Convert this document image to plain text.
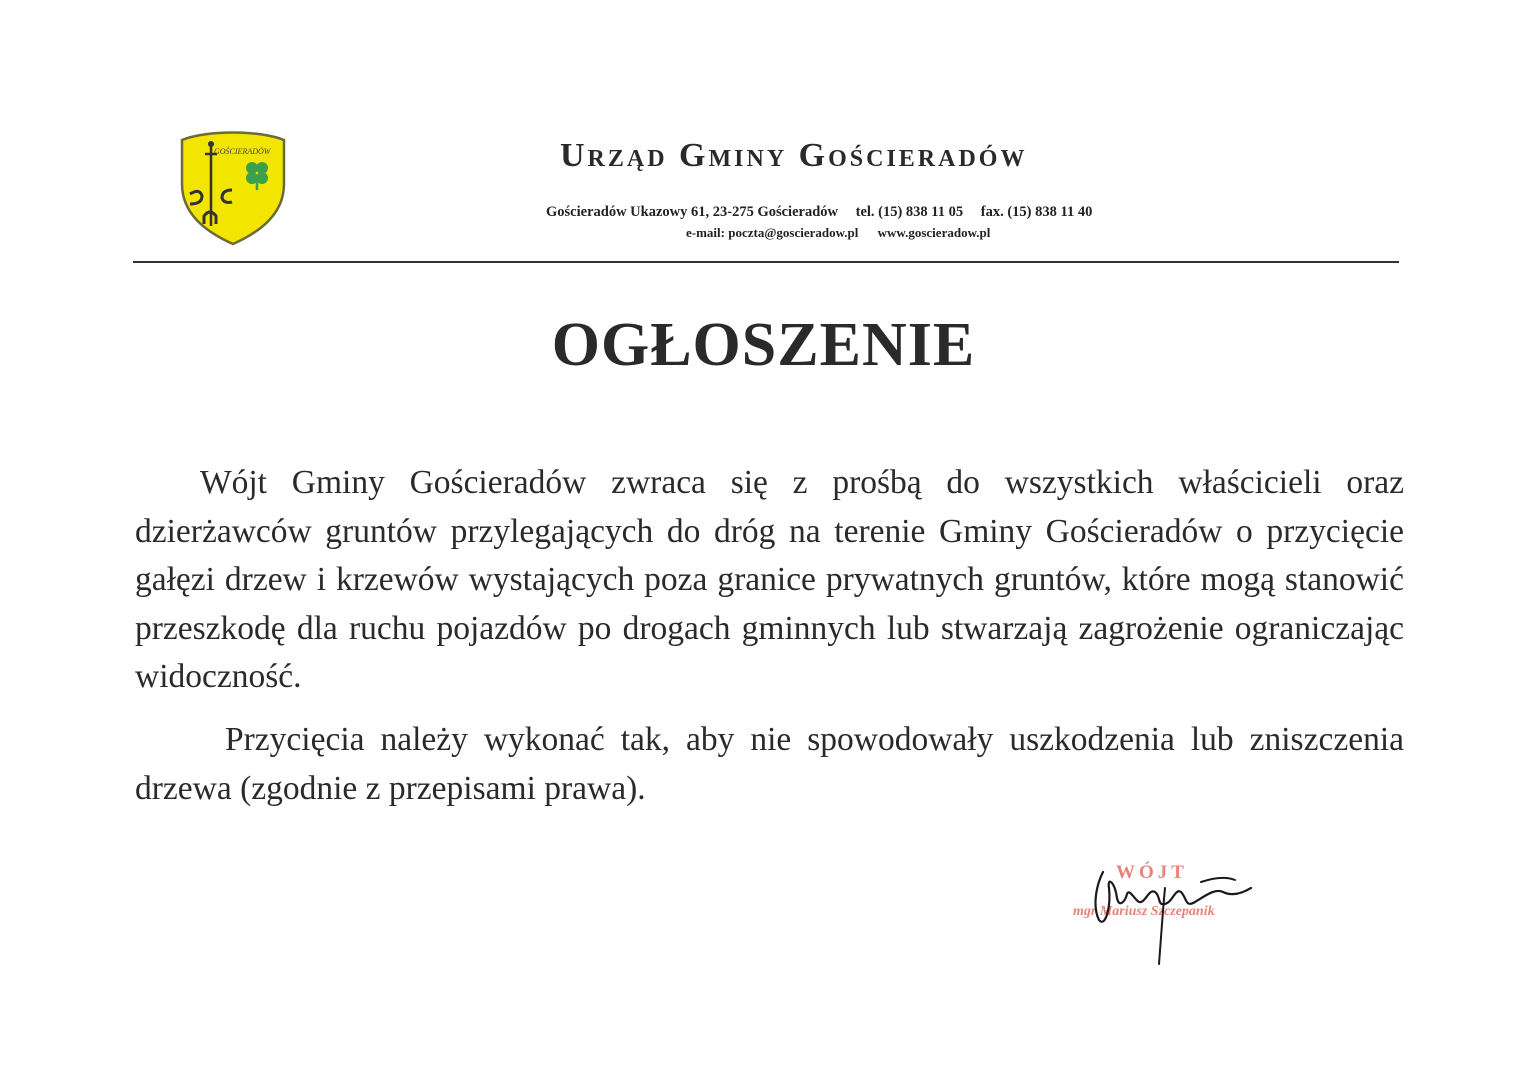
GOŚCIERADÓW	Urząd Gminy Gościeradów
Gościeradów Ukazowy 61, 23-275 Gościeradów tel. (15) 838 11 05 fax. (15) 838 11 40
e-mail: poczta@goscieradow.pl www.goscieradow.pl
OGŁOSZENIE

Wójt Gminy Gościeradów zwraca się z prośbą do wszystkich właścicieli oraz dzierżawców gruntów przylegających do dróg na terenie Gminy Gościeradów o przycięcie gałęzi drzew i krzewów wystających poza granice prywatnych gruntów, które mogą stanowić przeszkodę dla ruchu pojazdów po drogach gminnych lub stwarzają zagrożenie ograniczając widoczność.

Przycięcia należy wykonać tak, aby nie spowodowały uszkodzenia lub zniszczenia drzewa (zgodnie z przepisami prawa).

WÓJT
mgr Mariusz Szczepanik
